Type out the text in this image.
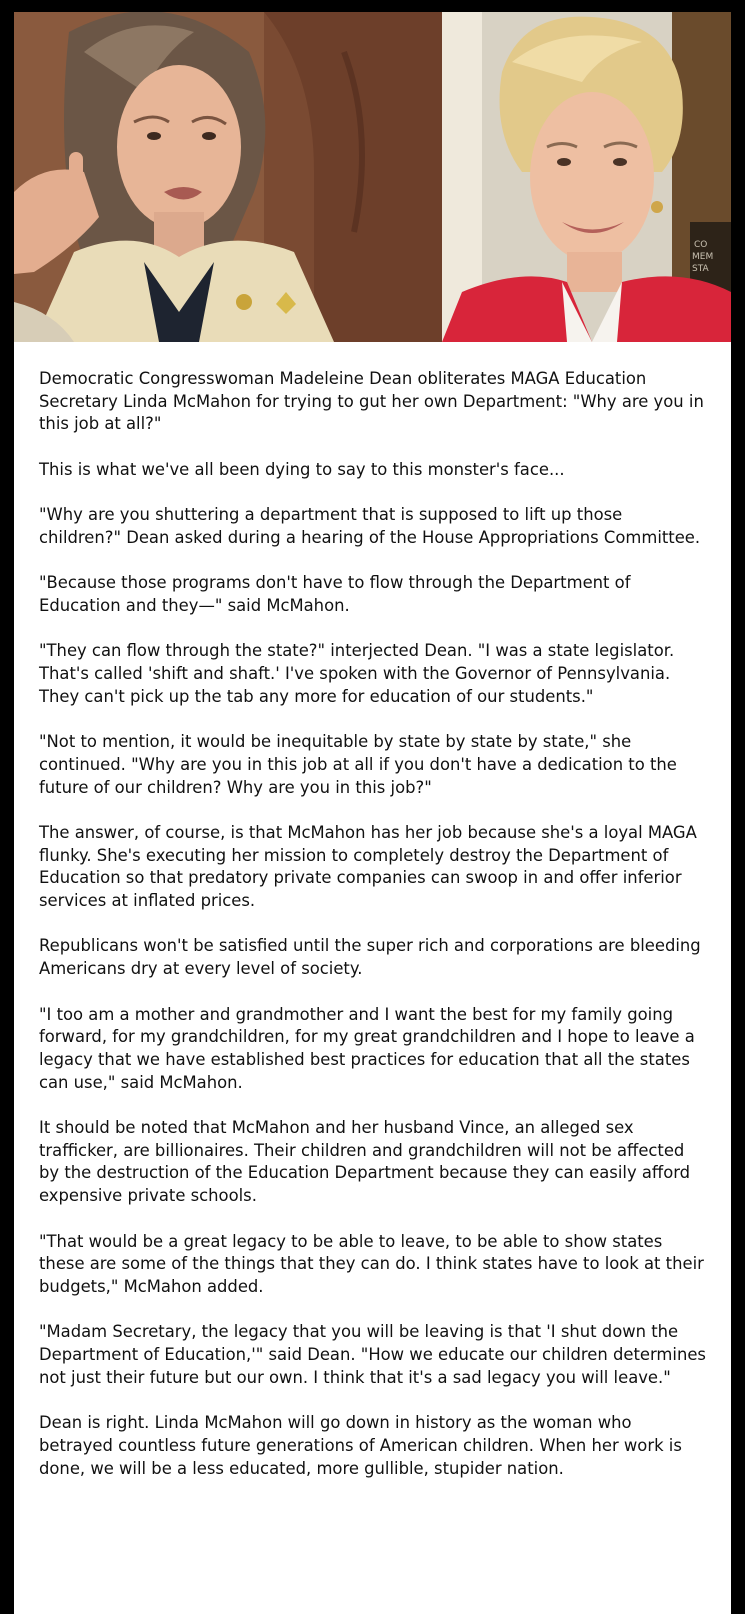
CO
MEM
STA

Democratic Congresswoman Madeleine Dean obliterates MAGA Education Secretary Linda McMahon for trying to gut her own Department: "Why are you in this job at all?"

This is what we've all been dying to say to this monster's face...

"Why are you shuttering a department that is supposed to lift up those children?" Dean asked during a hearing of the House Appropriations Committee.

"Because those programs don't have to flow through the Department of Education and they—" said McMahon.

"They can flow through the state?" interjected Dean. "I was a state legislator. That's called 'shift and shaft.' I've spoken with the Governor of Pennsylvania. They can't pick up the tab any more for education of our students."

"Not to mention, it would be inequitable by state by state by state," she continued. "Why are you in this job at all if you don't have a dedication to the future of our children? Why are you in this job?"

The answer, of course, is that McMahon has her job because she's a loyal MAGA flunky. She's executing her mission to completely destroy the Department of Education so that predatory private companies can swoop in and offer inferior services at inflated prices.

Republicans won't be satisfied until the super rich and corporations are bleeding Americans dry at every level of society.

"I too am a mother and grandmother and I want the best for my family going forward, for my grandchildren, for my great grandchildren and I hope to leave a legacy that we have established best practices for education that all the states can use," said McMahon.

It should be noted that McMahon and her husband Vince, an alleged sex trafficker, are billionaires. Their children and grandchildren will not be affected by the destruction of the Education Department because they can easily afford expensive private schools.

"That would be a great legacy to be able to leave, to be able to show states these are some of the things that they can do. I think states have to look at their budgets," McMahon added.

"Madam Secretary, the legacy that you will be leaving is that 'I shut down the Department of Education,'" said Dean. "How we educate our children determines not just their future but our own. I think that it's a sad legacy you will leave."

Dean is right. Linda McMahon will go down in history as the woman who betrayed countless future generations of American children. When her work is done, we will be a less educated, more gullible, stupider nation.
